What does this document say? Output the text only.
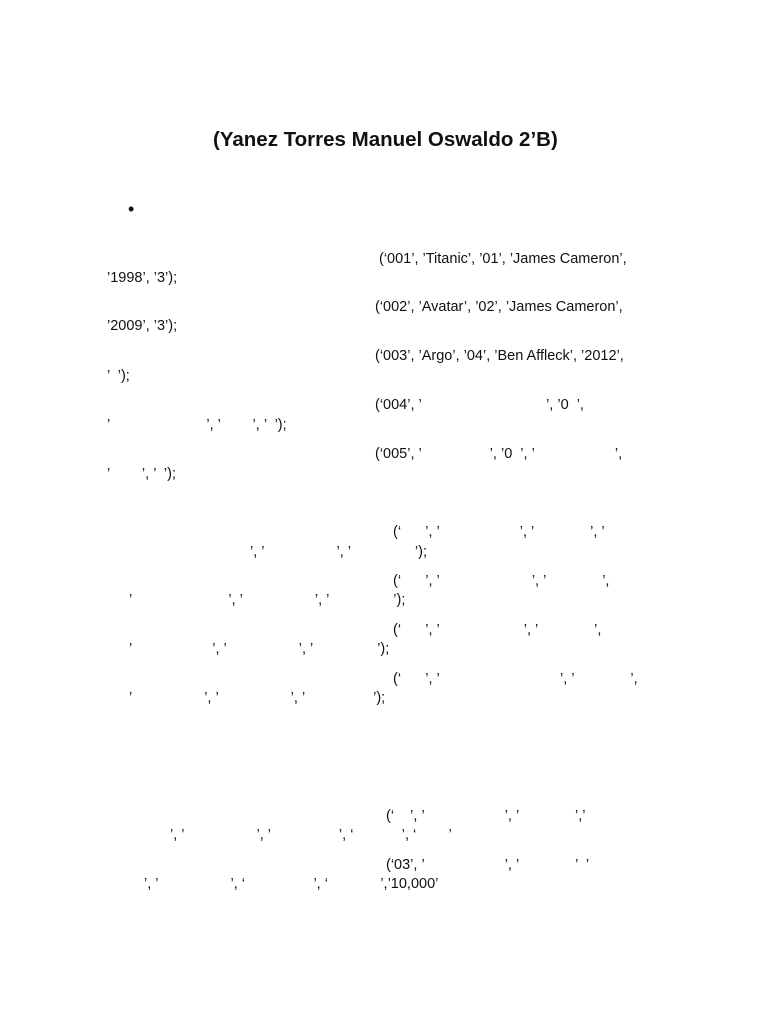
(Yanez Torres Manuel Oswaldo 2’B)
•
(‘001’, ’Titanic’, ’01’, ’James Cameron’,
’1998’, ’3’);
(‘002’, ’Avatar’, ’02’, ’James Cameron’,
’2009’, ’3’);
(‘003’, ’Argo’, ’04’, ’Ben Affleck’, ’2012’,
’  ’);
(‘004’, ’                               ’, ’0  ’,
’                        ’, ’        ’, ’  ’);
(‘005’, ’                 ’, ’0  ’, ’                    ’,
’        ’, ’  ’);
(‘      ’, ’                    ’, ’              ’, ’
’, ’                  ’, ’                ’);
(‘      ’, ’                       ’, ’              ’,
’                        ’, ’                  ’, ’                ’);
(‘      ’, ’                     ’, ’              ’,
’                    ’, ’                  ’, ’                ’);
(‘      ’, ’                              ’, ’              ’,
’                  ’, ’                  ’, ’                 ’);
(‘    ’, ’                    ’, ’              ’,’
’, ’                  ’, ’                 ’, ‘            ’, ‘        ’
(‘03’, ’                    ’, ’              ’  ’
’, ’                  ’, ‘                 ’, ‘             ’,’10,000’
